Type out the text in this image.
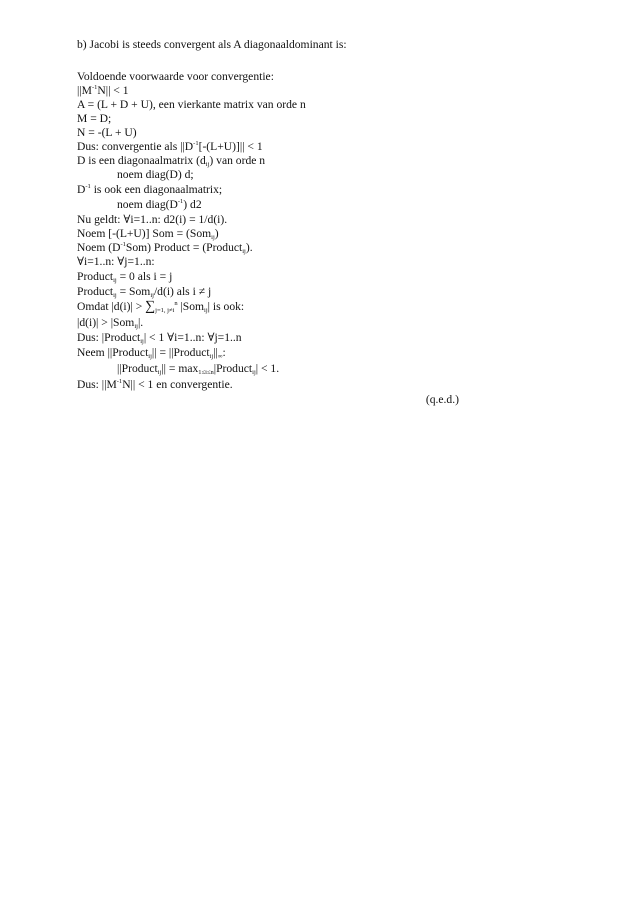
b) Jacobi is steeds convergent als A diagonaaldominant is:
Voldoende voorwaarde voor convergentie:
$||M^{-1}N|| < 1$
A = (L + D + U), een vierkante matrix van orde n
M = D;
N = -(L + U)
Dus: convergentie als $||D^{-1}[-(L+U)]|| < 1$
D is een diagonaalmatrix $(d_{ij})$ van orde n
noem diag(D) d;
$D^{-1}$ is ook een diagonaalmatrix;
noem $diag(D^{-1})$ d2
Nu geldt: ∀i=1..n: d2(i) = 1/d(i).
Noem [-(L+U)] Som = (Som$_{ij}$)
Noem $(D^{-1}Som)$ Product = (Product$_{ij}$).
∀i=1..n: ∀j=1..n:
Product$_{ij}$ = 0 als i = j
Product$_{ij}$ = Som$_{ij}$/d(i) als i ≠ j
Omdat $|d(i)| > \sum_{j=1, j\ne i}^n$ |Som$_{ij}$| is ook:
|d(i)| > |Som$_{ij}$|.
Dus: |Product$_{ij}$| < 1 ∀i=1..n: ∀j=1..n
Neem ||Product$_{ij}$|| = $||Product_{ij}||_\infty$:
||Product$_{ij}$|| = $\max_{1\le i\le n}|Product_{ij}| < 1$.
Dus: $||M^{-1}N|| < 1$ en convergentie.
(q.e.d.)
